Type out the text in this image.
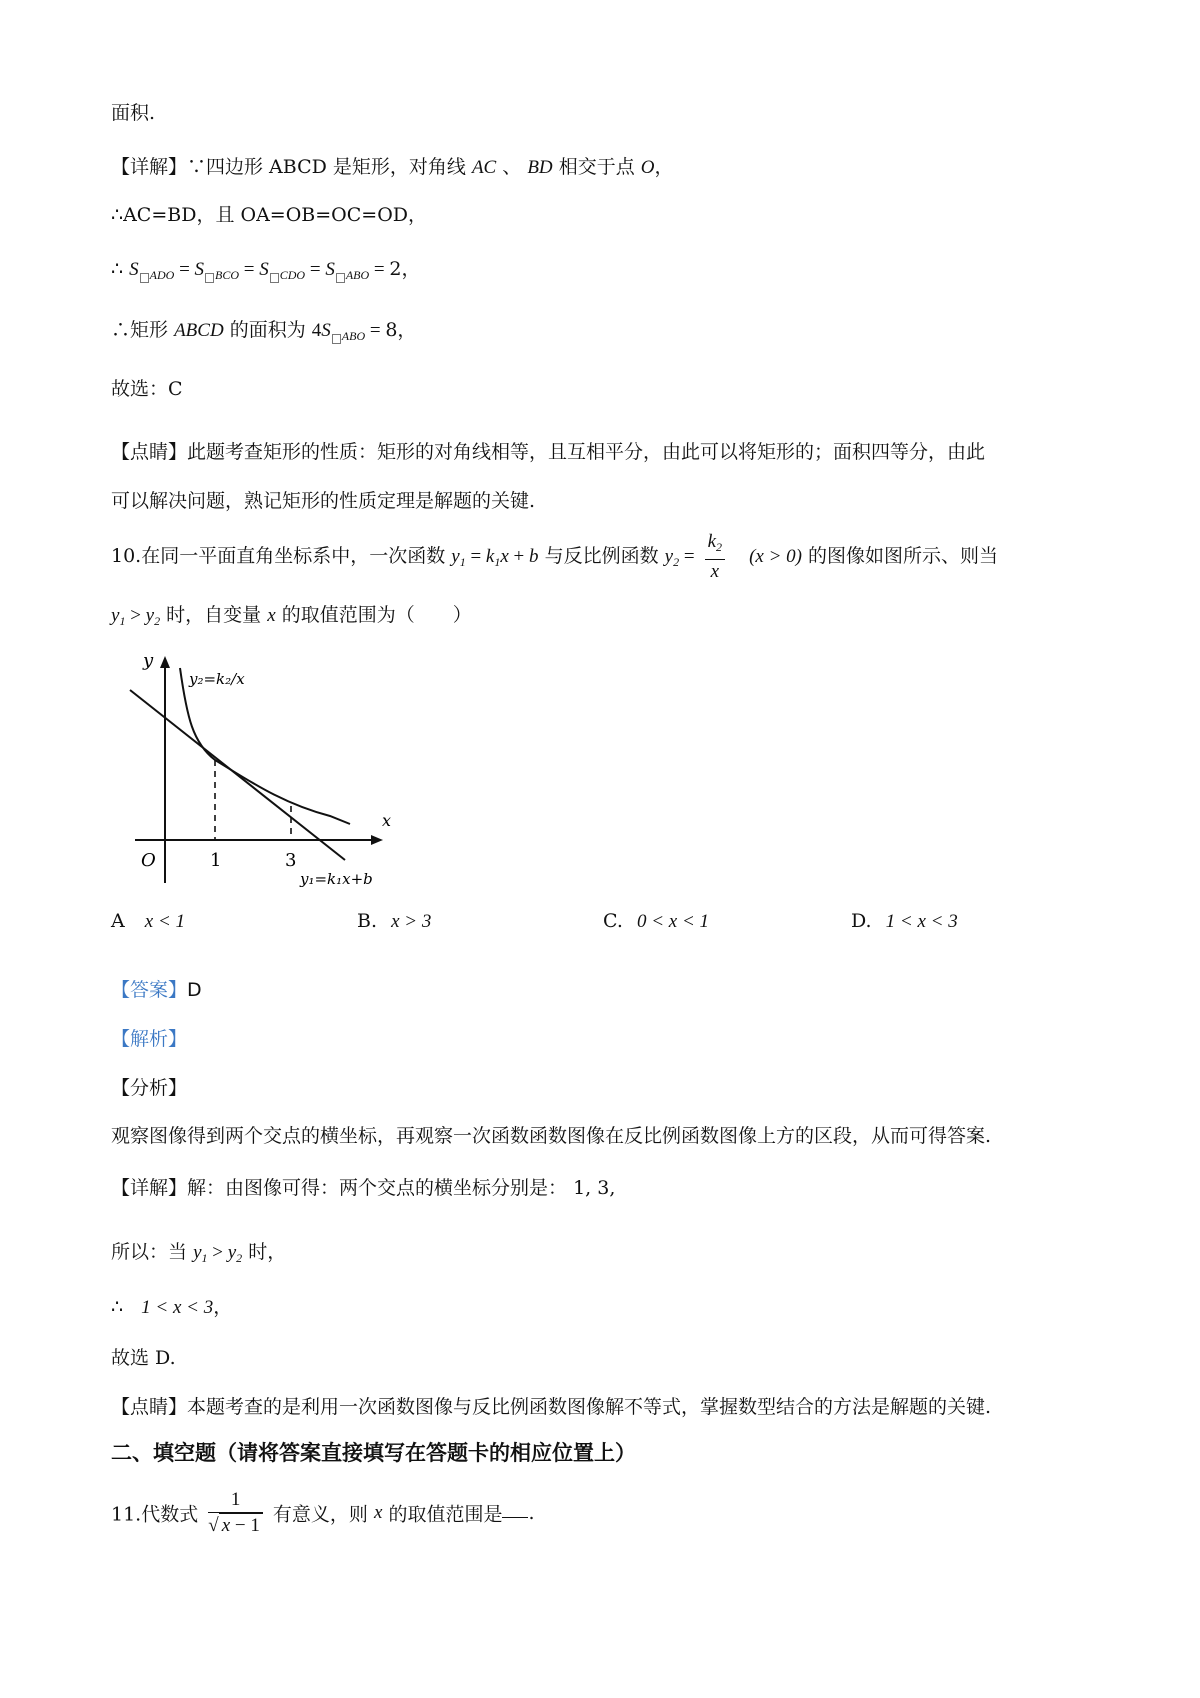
面积.
【详解】∵四边形 ABCD 是矩形，对角线 AC 、 BD 相交于点 O，
∴AC=BD，且 OA=OB=OC=OD，
∴ S $_{ADO}$ = S $_{BCO}$ = S $_{CDO}$ = S $_{ABO}$ = 2，
∴矩形 ABCD 的面积为 4S $_{ABO}$ = 8，
故选：C
【点睛】此题考查矩形的性质：矩形的对角线相等，且互相平分，由此可以将矩形的；面积四等分，由此
可以解决问题，熟记矩形的性质定理是解题的关键.
10.在同一平面直角坐标系中，一次函数 $y_1 = k_1x + b$ 与反比例函数 $y_2 = \frac{k_2}{x} (x > 0)$ 的图像如图所示、则当
$y_1 > y_2$ 时，自变量 x 的取值范围为（　　）
y
x
O	1	3
y₂=k₂/x
y₁=k₁x+b
A x < 1	B. x > 3	C. 0 < x < 1	D. 1 < x < 3
【答案】D
【解析】
【分析】
观察图像得到两个交点的横坐标，再观察一次函数函数图像在反比例函数图像上方的区段，从而可得答案.
【详解】解：由图像可得：两个交点的横坐标分别是： 1, 3,
所以：当 $y_1 > y_2$ 时，
∴ 1 < x < 3，
故选 D.
【点睛】本题考查的是利用一次函数图像与反比例函数图像解不等式，掌握数型结合的方法是解题的关键.
二、填空题（请将答案直接填写在答题卡的相应位置上）
11.代数式 $\frac{1}{√ x - 1}$ 有意义，则 x 的取值范围是 .
